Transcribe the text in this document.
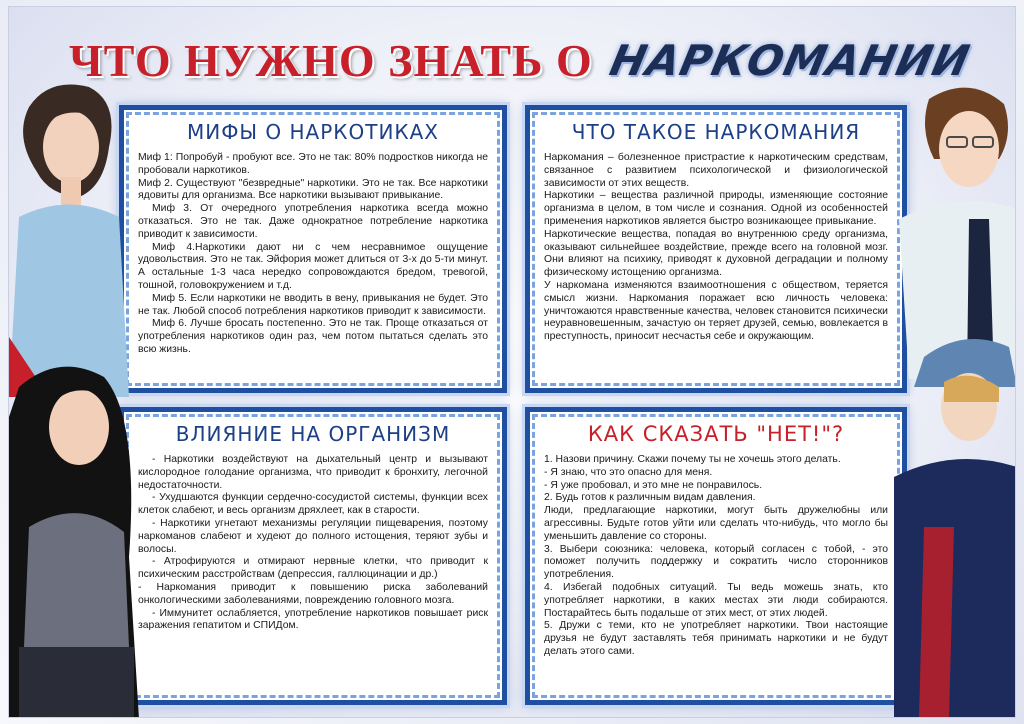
ЧТО НУЖНО ЗНАТЬ О НАРКОМАНИИ
МИФЫ О НАРКОТИКАХ

Миф 1: Попробуй - пробуют все. Это не так: 80% подростков никогда не пробовали наркотиков.

Миф 2. Существуют "безвредные" наркотики. Это не так. Все наркотики ядовиты для организма. Все наркотики вызывают привыкание.

Миф 3. От очередного употребления наркотика всегда можно отказаться. Это не так. Даже однократное потребление наркотика приводит к зависимости.

Миф 4.Наркотики дают ни с чем несравнимое ощущение удовольствия. Это не так. Эйфория может длиться от 3-х до 5-ти минут. А остальные 1-3 часа нередко сопровождаются бредом, тревогой, тошной, головокружением и т.д.

Миф 5. Если наркотики не вводить в вену, привыкания не будет. Это не так. Любой способ потребления наркотиков приводит к зависимости.

Миф 6. Лучше бросать постепенно. Это не так. Проще отказаться от употребления наркотиков один раз, чем потом пытаться сделать это всю жизнь.

ЧТО ТАКОЕ НАРКОМАНИЯ

Наркомания – болезненное пристрастие к наркотическим средствам, связанное с развитием психологической и физиологической зависимости от этих веществ.

Наркотики – вещества различной природы, изменяющие состояние организма в целом, в том числе и сознания. Одной из особенностей применения наркотиков является быстро возникающее привыкание.

Наркотические вещества, попадая во внутреннюю среду организма, оказывают сильнейшее воздействие, прежде всего на головной мозг. Они влияют на психику, приводят к духовной деградации и полному физическому истощению организма.

У наркомана изменяются взаимоотношения с обществом, теряется смысл жизни. Наркомания поражает всю личность человека: уничтожаются нравственные качества, человек становится психически неуравновешенным, зачастую он теряет друзей, семью, вовлекается в преступность, приносит несчастья себе и окружающим.

ВЛИЯНИЕ НА ОРГАНИЗМ

- Наркотики воздействуют на дыхательный центр и вызывают кислородное голодание организма, что приводит к бронхиту, легочной недостаточности.

- Ухудшаются функции сердечно-сосудистой системы, функции всех клеток слабеют, и весь организм дряхлеет, как в старости.

- Наркотики угнетают механизмы регуляции пищеварения, поэтому наркоманов слабеют и худеют до полного истощения, теряют зубы и волосы.

- Атрофируются и отмирают нервные клетки, что приводит к психическим расстройствам (депрессия, галлюцинации и др.)

- Наркомания приводит к повышению риска заболеваний онкологическими заболеваниями, повреждению головного мозга.

- Иммунитет ослабляется, употребление наркотиков повышает риск заражения гепатитом и СПИДом.

КАК СКАЗАТЬ "НЕТ!"?

1. Назови причину. Скажи почему ты не хочешь этого делать.

- Я знаю, что это опасно для меня.

- Я уже пробовал, и это мне не понравилось.

2. Будь готов к различным видам давления.

Люди, предлагающие наркотики, могут быть дружелюбны или агрессивны. Будьте готов уйти или сделать что-нибудь, что могло бы уменьшить давление со стороны.

3. Выбери союзника: человека, который согласен с тобой, - это поможет получить поддержку и сократить число сторонников употребления.

4. Избегай подобных ситуаций. Ты ведь можешь знать, кто употребляет наркотики, в каких местах эти люди собираются. Постарайтесь быть подальше от этих мест, от этих людей.

5. Дружи с теми, кто не употребляет наркотики. Твои настоящие друзья не будут заставлять тебя принимать наркотики и не будут делать этого сами.
